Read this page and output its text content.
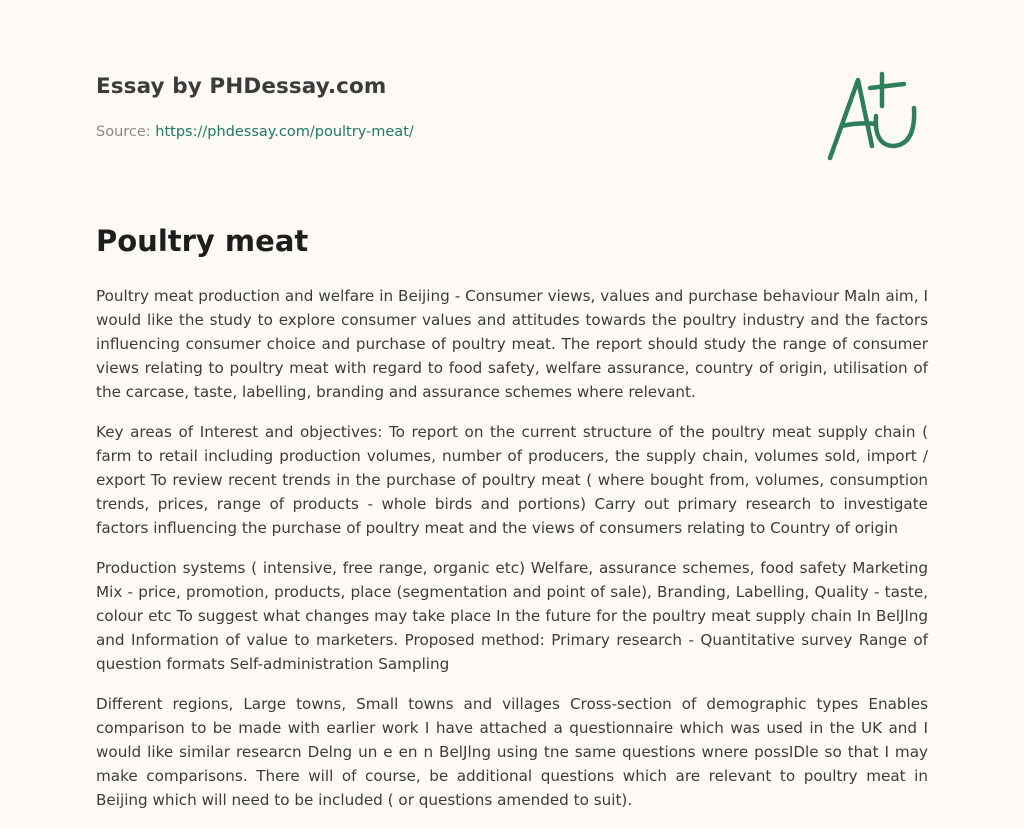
Essay by PHDessay.com
Source: https://phdessay.com/poultry-meat/
Poultry meat

Poultry meat production and welfare in Beijing - Consumer views, values and purchase behaviour Maln aim, I would like the study to explore consumer values and attitudes towards the poultry industry and the factors influencing consumer choice and purchase of poultry meat. The report should study the range of consumer views relating to poultry meat with regard to food safety, welfare assurance, country of origin, utilisation of the carcase, taste, labelling, branding and assurance schemes where relevant.

Key areas of Interest and objectives: To report on the current structure of the poultry meat supply chain ( farm to retail including production volumes, number of producers, the supply chain, volumes sold, import / export To review recent trends in the purchase of poultry meat ( where bought from, volumes, consumption trends, prices, range of products - whole birds and portions) Carry out primary research to investigate factors influencing the purchase of poultry meat and the views of consumers relating to Country of origin

Production systems ( intensive, free range, organic etc) Welfare, assurance schemes, food safety Marketing Mix - price, promotion, products, place (segmentation and point of sale), Branding, Labelling, Quality - taste, colour etc To suggest what changes may take place In the future for the poultry meat supply chain In BelJlng and Information of value to marketers. Proposed method: Primary research - Quantitative survey Range of question formats Self-administration Sampling

Different regions, Large towns, Small towns and villages Cross-section of demographic types Enables comparison to be made with earlier work I have attached a questionnaire which was used in the UK and I would like similar researcn Delng un e en n BelJlng using tne same questions wnere possIDle so that I may make comparisons. There will of course, be additional questions which are relevant to poultry meat in Beijing which will need to be included ( or questions amended to suit).
